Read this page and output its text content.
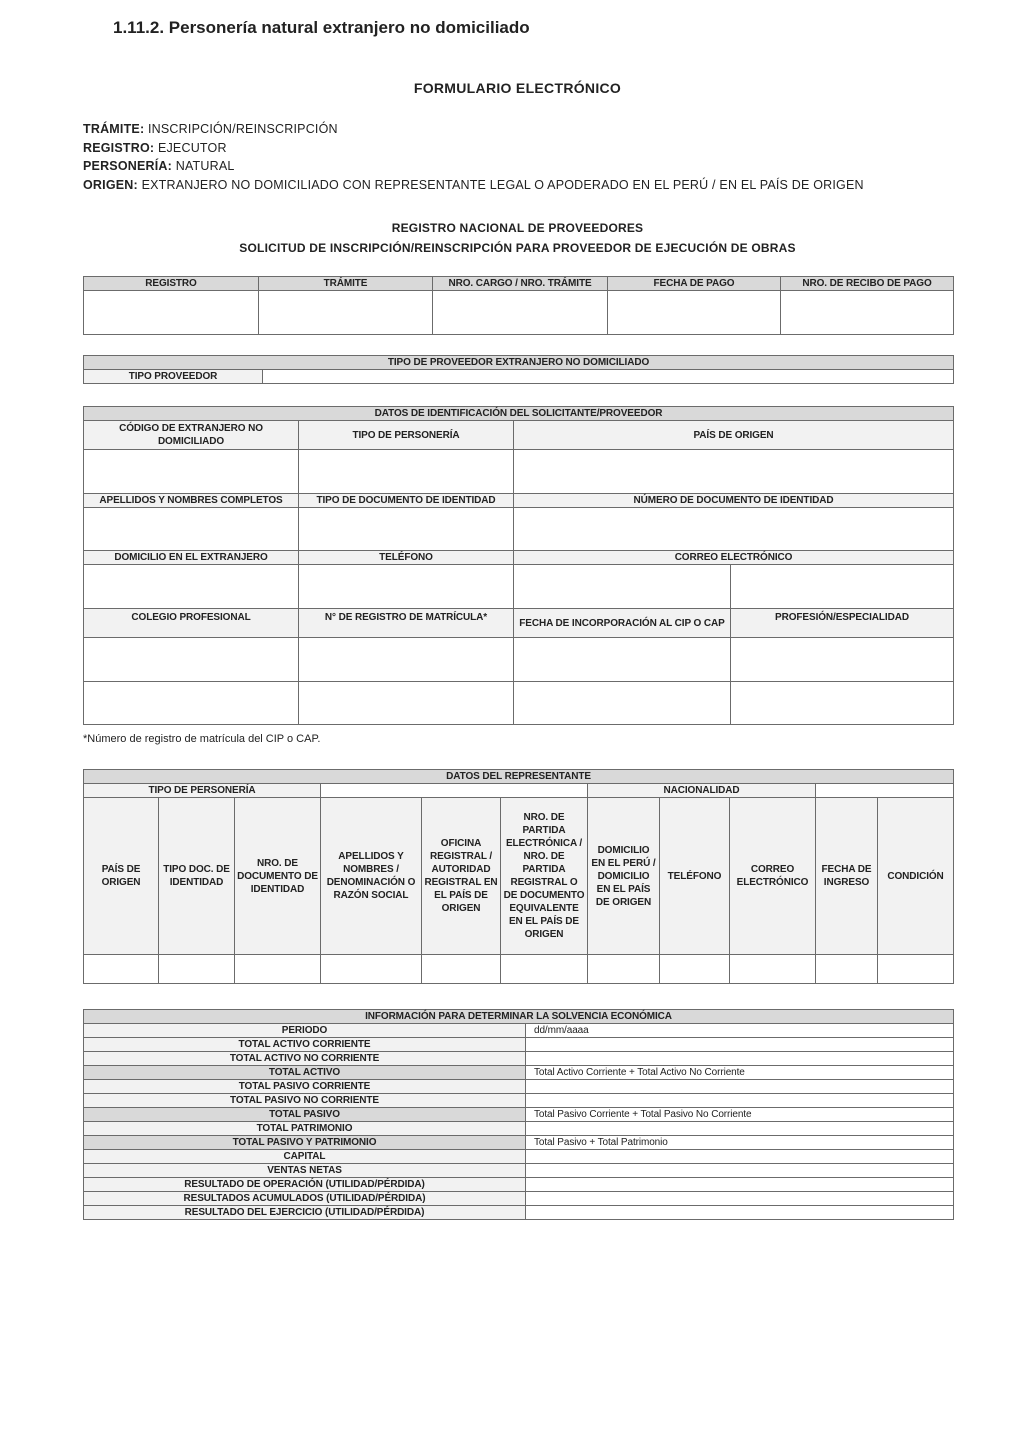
1.11.2. Personería natural extranjero no domiciliado
FORMULARIO ELECTRÓNICO
TRÁMITE: INSCRIPCIÓN/REINSCRIPCIÓN
REGISTRO: EJECUTOR
PERSONERÍA: NATURAL
ORIGEN: EXTRANJERO NO DOMICILIADO CON REPRESENTANTE LEGAL O APODERADO EN EL PERÚ / EN EL PAÍS DE ORIGEN
REGISTRO NACIONAL DE PROVEEDORES
SOLICITUD DE INSCRIPCIÓN/REINSCRIPCIÓN PARA PROVEEDOR DE EJECUCIÓN DE OBRAS
REGISTRO	TRÁMITE	NRO. CARGO / NRO. TRÁMITE	FECHA DE PAGO	NRO. DE RECIBO DE PAGO

TIPO DE PROVEEDOR EXTRANJERO NO DOMICILIADO
TIPO PROVEEDOR	
DATOS DE IDENTIFICACIÓN DEL SOLICITANTE/PROVEEDOR			
CÓDIGO DE EXTRANJERO NO DOMICILIADO	TIPO DE PERSONERÍA	PAÍS DE ORIGEN	

APELLIDOS Y NOMBRES COMPLETOS	TIPO DE DOCUMENTO DE IDENTIDAD	NÚMERO DE DOCUMENTO DE IDENTIDAD	

DOMICILIO EN EL EXTRANJERO	TELÉFONO	CORREO ELECTRÓNICO	

COLEGIO PROFESIONAL	N° DE REGISTRO DE MATRÍCULA*	FECHA DE INCORPORACIÓN AL CIP O CAP	PROFESIÓN/ESPECIALIDAD

*Número de registro de matrícula del CIP o CAP.
DATOS DEL REPRESENTANTE										
TIPO DE PERSONERÍA						NACIONALIDAD				
PAÍS DE ORIGEN	TIPO DOC. DE IDENTIDAD	NRO. DE DOCUMENTO DE IDENTIDAD	APELLIDOS Y NOMBRES / DENOMINACIÓN O RAZÓN SOCIAL	OFICINA REGISTRAL / AUTORIDAD REGISTRAL EN EL PAÍS DE ORIGEN	NRO. DE PARTIDA ELECTRÓNICA / NRO. DE PARTIDA REGISTRAL O DE DOCUMENTO EQUIVALENTE EN EL PAÍS DE ORIGEN	DOMICILIO EN EL PERÚ / DOMICILIO EN EL PAÍS DE ORIGEN	TELÉFONO	CORREO ELECTRÓNICO	FECHA DE INGRESO	CONDICIÓN

INFORMACIÓN PARA DETERMINAR LA SOLVENCIA ECONÓMICA	
PERIODO	dd/mm/aaaa
TOTAL ACTIVO CORRIENTE	
TOTAL ACTIVO NO CORRIENTE	
TOTAL ACTIVO	Total Activo Corriente + Total Activo No Corriente
TOTAL PASIVO CORRIENTE	
TOTAL PASIVO NO CORRIENTE	
TOTAL PASIVO	Total Pasivo Corriente + Total Pasivo No Corriente
TOTAL PATRIMONIO	
TOTAL PASIVO Y PATRIMONIO	Total Pasivo + Total Patrimonio
CAPITAL	
VENTAS NETAS	
RESULTADO DE OPERACIÓN (UTILIDAD/PÉRDIDA)	
RESULTADOS ACUMULADOS (UTILIDAD/PÉRDIDA)	
RESULTADO DEL EJERCICIO (UTILIDAD/PÉRDIDA)	
